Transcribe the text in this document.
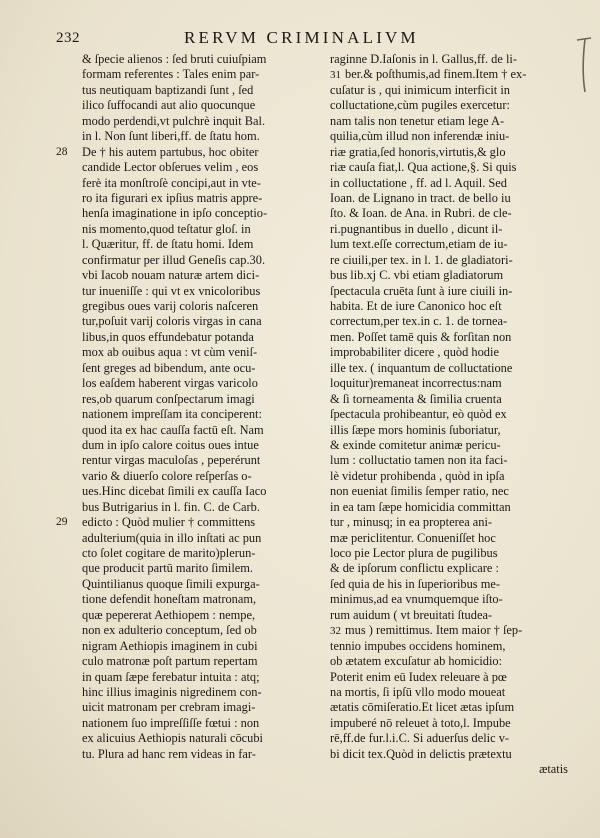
232	RERVM CRIMINALIVM
& ſpecie alienos : ſed bruti cuiuſpiam
formam referentes : Tales enim par-
tus neutiquam baptizandi ſunt , ſed
ilico ſuffocandi aut alio quocunque
modo perdendi,vt pulchrè inquit Bal.
in l. Non ſunt liberi,ff. de ſtatu hom.
28 De † his autem partubus, hoc obiter
candide Lector obſerues velim , eos
ferè ita monſtroſè concipi,aut in vte-
ro ita figurari ex ipſius matris appre-
henſa imaginatione in ipſo conceptio-
nis momento,quod teſtatur gloſ. in
l. Quæritur, ff. de ſtatu homi. Idem
confirmatur per illud Geneſis cap.30.
vbi Iacob nouam naturæ artem dici-
tur inueniſſe : qui vt ex vnicoloribus
gregibus oues varij coloris naſceren
tur,poſuit varij coloris virgas in cana
libus,in quos effundebatur potanda
mox ab ouibus aqua : vt cùm veniſ-
ſent greges ad bibendum, ante ocu-
los eaſdem haberent virgas varicolo
res,ob quarum conſpectarum imagi
nationem impreſſam ita conciperent:
quod ita ex hac cauſſa factū eſt. Nam
dum in ipſo calore coitus oues intue
rentur virgas maculoſas , peperérunt
vario & diuerſo colore reſperſas o-
ues.Hinc dicebat ſimili ex cauſſa Iaco
bus Butrigarius in l. fin. C. de Carb.
29 edicto : Quòd mulier † committens
adulterium(quia in illo inſtati ac pun
cto ſolet cogitare de marito)plerun-
que producit partū marito ſimilem.
Quintilianus quoque ſimili expurga-
tione defendit honeſtam matronam,
quæ pepererat Aethiopem : nempe,
non ex adulterio conceptum, ſed ob
nigram Aethiopis imaginem in cubi
culo matronæ poſt partum repertam
in quam ſæpe ferebatur intuita : atq;
hinc illius imaginis nigredinem con-
uicit matronam per crebram imagi-
nationem ſuo impreſſiſſe fœtui : non
ex alicuius Aethiopis naturali cōcubi
tu. Plura ad hanc rem videas in far-
raginne D.Iaſonis in l. Gallus,ff. de li-
31 ber.& poſthumis,ad finem.Item † ex-
cuſatur is , qui inimicum interficit in
colluctatione,cùm pugiles exercetur:
nam talis non tenetur etiam lege A-
quilia,cùm illud non inferendæ iniu-
riæ gratia,ſed honoris,virtutis,& glo
riæ cauſa fiat,l. Qua actione,§. Si quis
in colluctatione , ff. ad l. Aquil. Sed
Ioan. de Lignano in tract. de bello iu
ſto. & Ioan. de Ana. in Rubri. de cle-
ri.pugnantibus in duello , dicunt il-
lum text.eſſe correctum,etiam de iu-
re ciuili,per tex. in l. 1. de gladiatori-
bus lib.xj C. vbi etiam gladiatorum
ſpectacula cruēta ſunt à iure ciuili in-
habita. Et de iure Canonico hoc eſt
correctum,per tex.in c. 1. de tornea-
men. Poſſet tamē quis & forſitan non
improbabiliter dicere , quòd hodie
ille tex. ( inquantum de colluctatione
loquitur)remaneat incorrectus:nam
& ſi torneamenta & ſimilia cruenta
ſpectacula prohibeantur, eò quòd ex
illis ſæpe mors hominis ſuboriatur,
& exinde comitetur animæ pericu-
lum : colluctatio tamen non ita faci-
lè videtur prohibenda , quòd in ipſa
non eueniat ſimilis ſemper ratio, nec
in ea tam ſæpe homicidia committan
tur , minusq; in ea propterea ani-
mæ periclitentur. Conueniſſet hoc
loco pie Lector plura de pugilibus
& de ipſorum conflictu explicare :
ſed quia de his in ſuperioribus me-
minimus,ad ea vnumquemque iſto-
rum auidum ( vt breuitati ſtudea-
32 mus ) remittimus. Item maior † ſep-
tennio impubes occidens hominem,
ob ætatem excuſatur ab homicidio:
Poterit enim eū Iudex releuare à pœ
na mortis, ſi ipſū vllo modo moueat
ætatis cōmiſeratio.Et licet ætas ipſum
impuberé nō releuet à toto,l. Impube
rē,ff.de fur.l.i.C. Si aduerſus delic v-
bi dicit tex.Quòd in delictis prætextu
ætatis
